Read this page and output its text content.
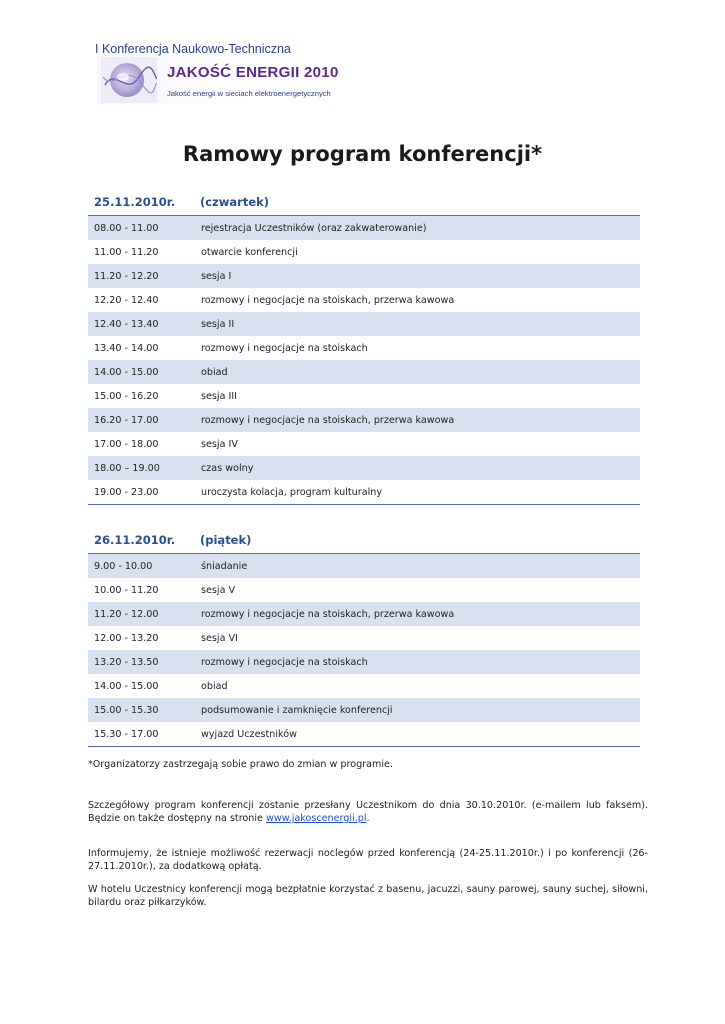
I Konferencja Naukowo-Techniczna
JAKOŚĆ ENERGII 2010
Jakość energii w sieciach elektroenergetycznych
Ramowy program konferencji*
25.11.2010r. (czwartek)
08.00 - 11.00	rejestracja Uczestników (oraz zakwaterowanie)
11.00 - 11.20	otwarcie konferencji
11.20 - 12.20	sesja I
12.20 - 12.40	rozmowy i negocjacje na stoiskach, przerwa kawowa
12.40 - 13.40	sesja II
13.40 - 14.00	rozmowy i negocjacje na stoiskach
14.00 - 15.00	obiad
15.00 - 16.20	sesja III
16.20 - 17.00	rozmowy i negocjacje na stoiskach, przerwa kawowa
17.00 - 18.00	sesja IV
18.00 – 19.00	czas wolny
19.00 - 23.00	uroczysta kolacja, program kulturalny
26.11.2010r. (piątek)
9.00 - 10.00	śniadanie
10.00 - 11.20	sesja V
11.20 - 12.00	rozmowy i negocjacje na stoiskach, przerwa kawowa
12.00 - 13.20	sesja VI
13.20 - 13.50	rozmowy i negocjacje na stoiskach
14.00 - 15.00	obiad
15.00 - 15.30	podsumowanie i zamknięcie konferencji
15.30 - 17.00	wyjazd Uczestników
*Organizatorzy zastrzegają sobie prawo do zmian w programie.
Szczegółowy program konferencji zostanie przesłany Uczestnikom do dnia 30.10.2010r. (e-mailem lub faksem). Będzie on także dostępny na stronie www.jakoscenergii.pl.
Informujemy, że istnieje możliwość rezerwacji noclegów przed konferencją (24-25.11.2010r.) i po konferencji (26-27.11.2010r.), za dodatkową opłatą.
W hotelu Uczestnicy konferencji mogą bezpłatnie korzystać z basenu, jacuzzi, sauny parowej, sauny suchej, siłowni, bilardu oraz piłkarzyków.
